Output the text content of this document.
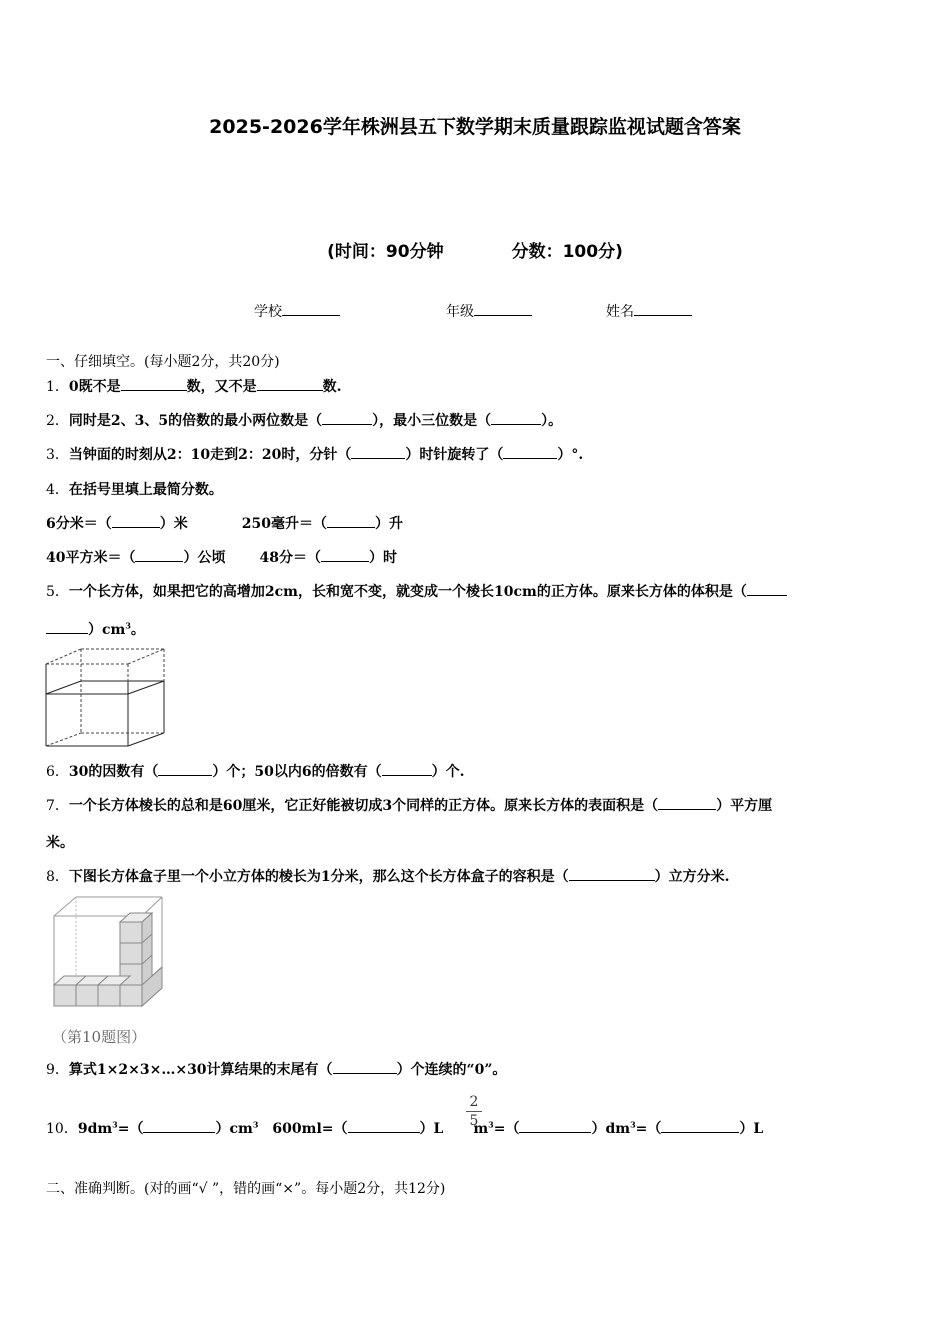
2025-2026学年株洲县五下数学期末质量跟踪监视试题含答案
(时间：90分钟	分数：100分)
学校	年级	姓名
一、仔细填空。(每小题2分，共20分)
1．0既不是	数，又不是	数.
2．同时是2、3、5的倍数的最小两位数是（	），最小三位数是（	）。
3．当钟面的时刻从2：10走到2：20时，分针（	）时针旋转了（	）°.
4．在括号里填上最简分数。
6分米＝（	）米	250毫升＝（	）升
40平方米＝（	）公顷 48分＝（	）时
5．一个长方体，如果把它的高增加2cm，长和宽不变，就变成一个棱长10cm的正方体。原来长方体的体积是（
）$cm^3$。
6．30的因数有（	）个；50以内6的倍数有（	）个.
7．一个长方体棱长的总和是60厘米，它正好能被切成3个同样的正方体。原来长方体的表面积是（	）平方厘
米。
8．下图长方体盒子里一个小立方体的棱长为1分米，那么这个长方体盒子的容积是（	）立方分米.
（第10题图）
9．算式1×2×3×…×30计算结果的末尾有（	）个连续的“0”。
10．$9dm^3=$（	）$cm^3$ 600ml=（	）L $m^3=$（	）$dm^3=$（	）L
2
5
二、准确判断。(对的画“√ ”，错的画“×”。每小题2分，共12分)
